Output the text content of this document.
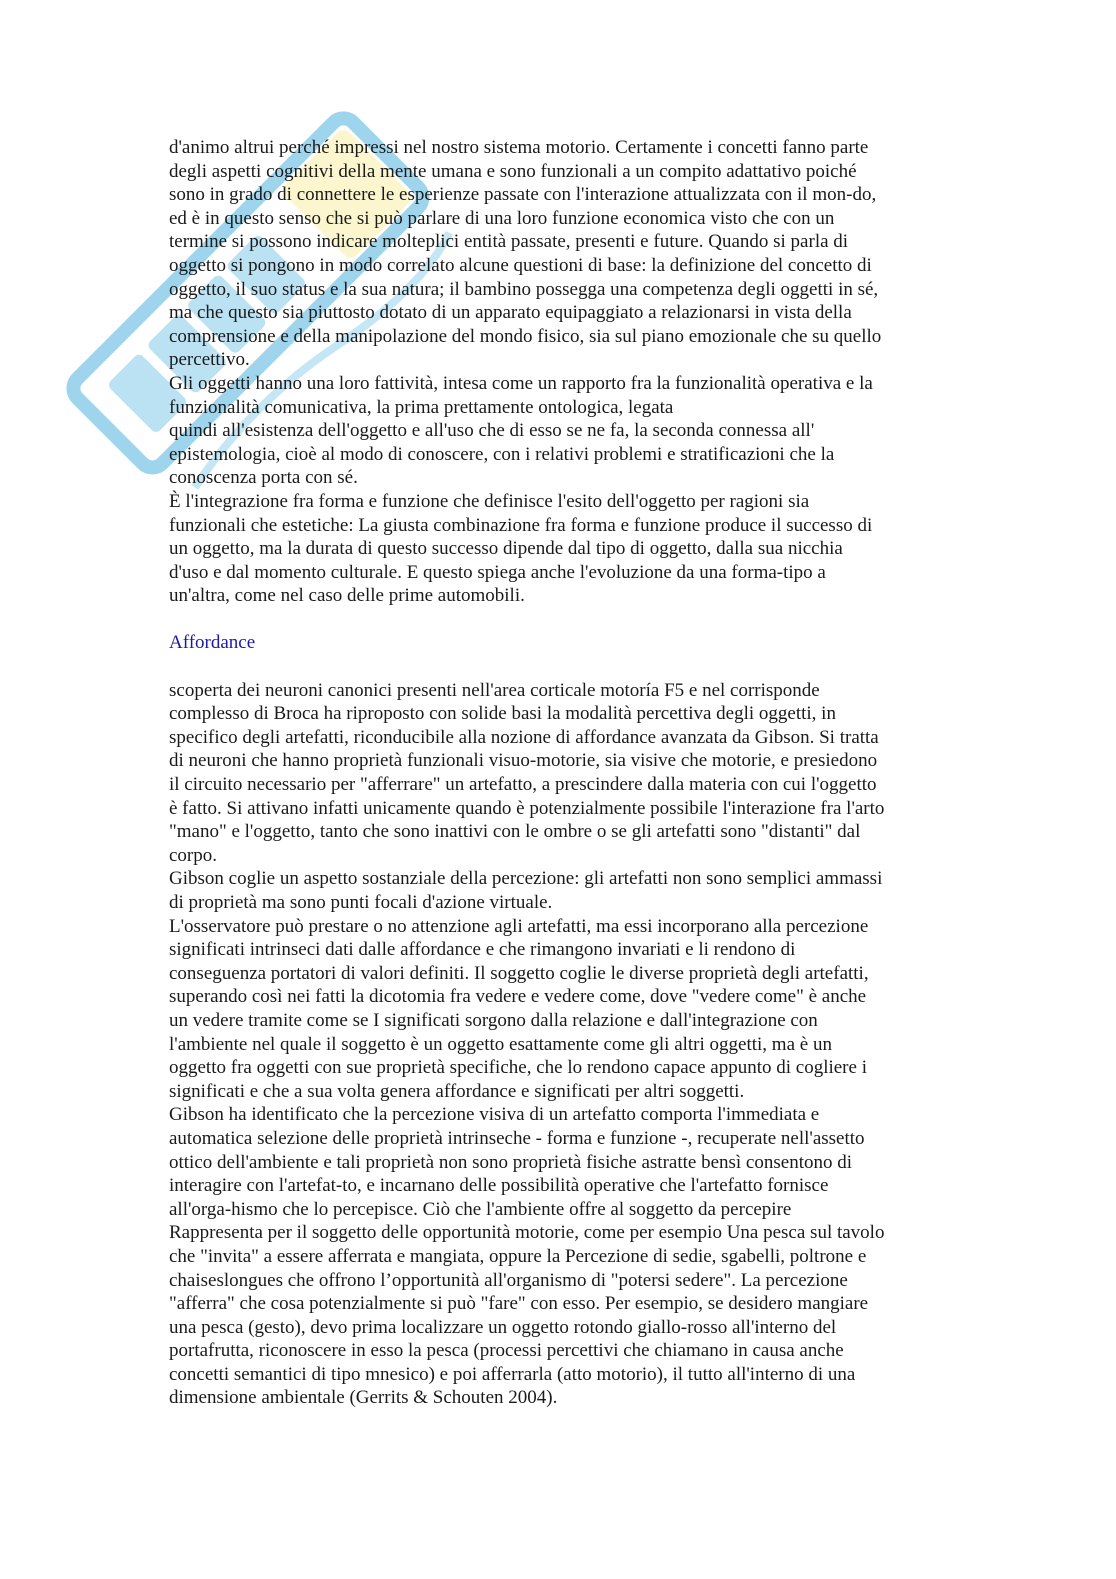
d'animo altrui perché impressi nel nostro sistema motorio. Certamente i concetti fanno parte
degli aspetti cognitivi della mente umana e sono funzionali a un compito adattativo poiché
sono in grado di connettere le esperienze passate con l'interazione attualizzata con il mon-do,
ed è in questo senso che si può parlare di una loro funzione economica visto che con un
termine si possono indicare molteplici entità passate, presenti e future. Quando si parla di
oggetto si pongono in modo correlato alcune questioni di base: la definizione del concetto di
oggetto, il suo status e la sua natura; il bambino possegga una competenza degli oggetti in sé,
ma che questo sia piuttosto dotato di un apparato equipaggiato a relazionarsi in vista della
comprensione e della manipolazione del mondo fisico, sia sul piano emozionale che su quello
percettivo.

Gli oggetti hanno una loro fattività, intesa come un rapporto fra la funzionalità operativa e la
funzionalità comunicativa, la prima prettamente ontologica, legata
quindi all'esistenza dell'oggetto e all'uso che di esso se ne fa, la seconda connessa all'
epistemologia, cioè al modo di conoscere, con i relativi problemi e stratificazioni che la
conoscenza porta con sé.

È l'integrazione fra forma e funzione che definisce l'esito dell'oggetto per ragioni sia
funzionali che estetiche: La giusta combinazione fra forma e funzione produce il successo di
un oggetto, ma la durata di questo successo dipende dal tipo di oggetto, dalla sua nicchia
d'uso e dal momento culturale. E questo spiega anche l'evoluzione da una forma-tipo a
un'altra, come nel caso delle prime automobili.

Affordance

scoperta dei neuroni canonici presenti nell'area corticale motoría F5 e nel corrisponde
complesso di Broca ha riproposto con solide basi la modalità percettiva degli oggetti, in
specifico degli artefatti, riconducibile alla nozione di affordance avanzata da Gibson. Si tratta
di neuroni che hanno proprietà funzionali visuo-motorie, sia visive che motorie, e presiedono
il circuito necessario per "afferrare" un artefatto, a prescindere dalla materia con cui l'oggetto
è fatto. Si attivano infatti unicamente quando è potenzialmente possibile l'interazione fra l'arto
"mano" e l'oggetto, tanto che sono inattivi con le ombre o se gli artefatti sono "distanti" dal
corpo.

Gibson coglie un aspetto sostanziale della percezione: gli artefatti non sono semplici ammassi
di proprietà ma sono punti focali d'azione virtuale.

L'osservatore può prestare o no attenzione agli artefatti, ma essi incorporano alla percezione
significati intrinseci dati dalle affordance e che rimangono invariati e li rendono di
conseguenza portatori di valori definiti. Il soggetto coglie le diverse proprietà degli artefatti,
superando così nei fatti la dicotomia fra vedere e vedere come, dove "vedere come" è anche
un vedere tramite come se I significati sorgono dalla relazione e dall'integrazione con
l'ambiente nel quale il soggetto è un oggetto esattamente come gli altri oggetti, ma è un
oggetto fra oggetti con sue proprietà specifiche, che lo rendono capace appunto di cogliere i
significati e che a sua volta genera affordance e significati per altri soggetti.

Gibson ha identificato che la percezione visiva di un artefatto comporta l'immediata e
automatica selezione delle proprietà intrinseche - forma e funzione -, recuperate nell'assetto
ottico dell'ambiente e tali proprietà non sono proprietà fisiche astratte bensì consentono di
interagire con l'artefat-to, e incarnano delle possibilità operative che l'artefatto fornisce
all'orga-hismo che lo percepisce. Ciò che l'ambiente offre al soggetto da percepire
Rappresenta per il soggetto delle opportunità motorie, come per esempio Una pesca sul tavolo
che "invita" a essere afferrata e mangiata, oppure la Percezione di sedie, sgabelli, poltrone e
chaiseslongues che offrono l’opportunità all'organismo di "potersi sedere". La percezione
"afferra" che cosa potenzialmente si può "fare" con esso. Per esempio, se desidero mangiare
una pesca (gesto), devo prima localizzare un oggetto rotondo giallo-rosso all'interno del
portafrutta, riconoscere in esso la pesca (processi percettivi che chiamano in causa anche
concetti semantici di tipo mnesico) e poi afferrarla (atto motorio), il tutto all'interno di una
dimensione ambientale (Gerrits & Schouten 2004).
